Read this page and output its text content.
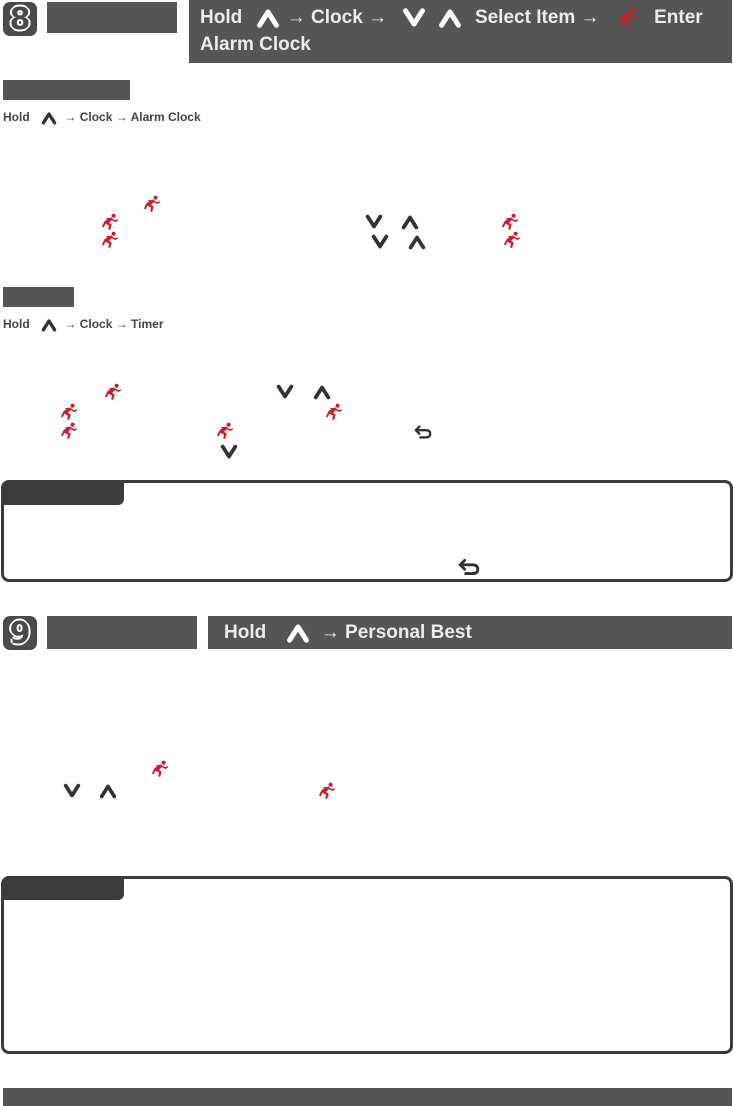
8	Hold → Clock →	Select Item →	Enter
Alarm Clock
Hold	→ Clock → Alarm Clock
Hold	→ Clock → Timer
9	Hold	→ Personal Best
